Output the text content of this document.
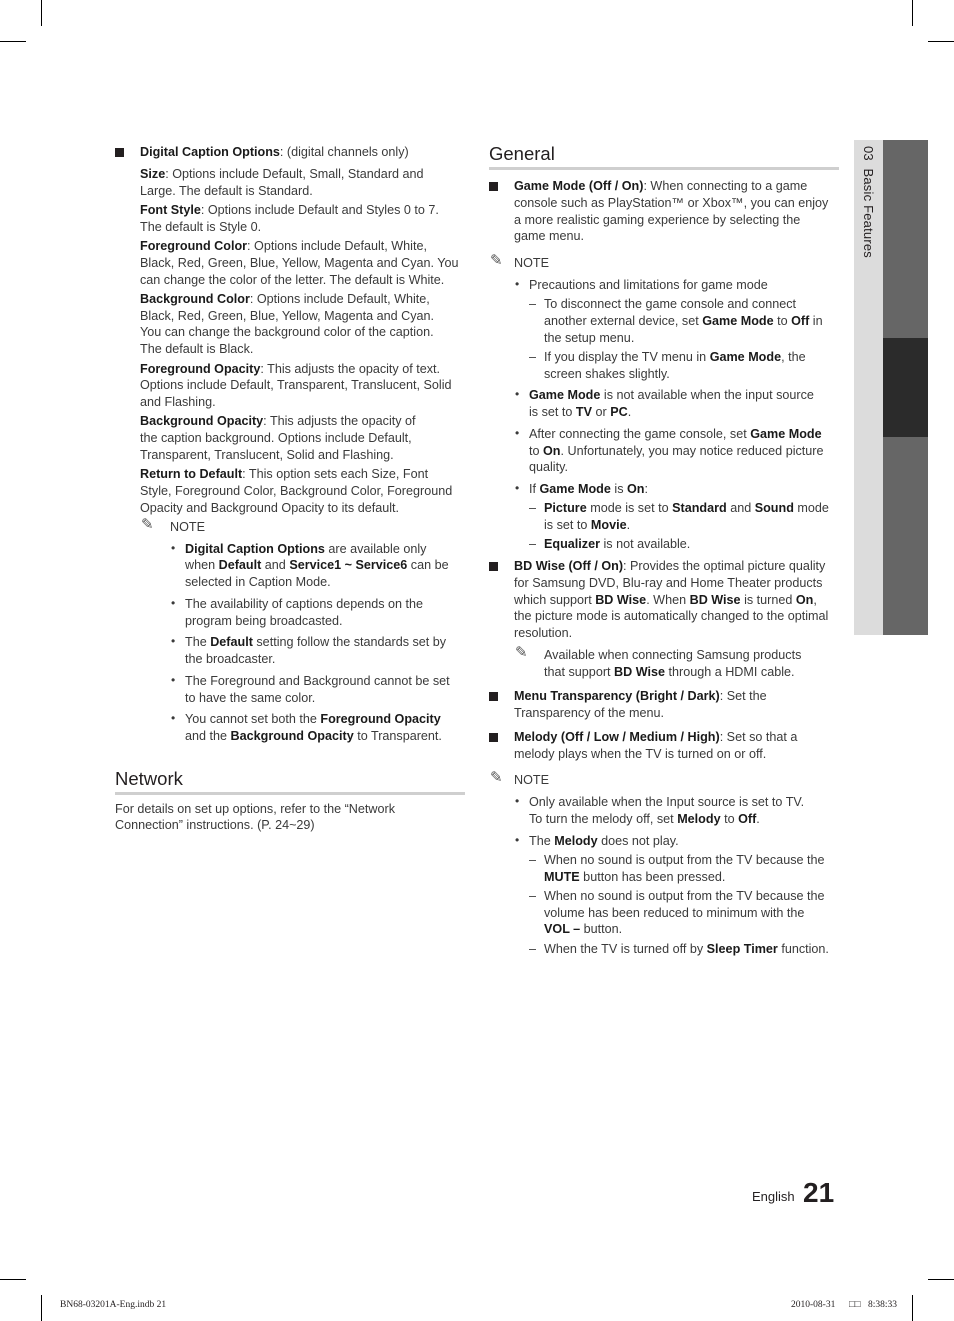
03  Basic Features
Digital Caption Options: (digital channels only)
Size: Options include Default, Small, Standard and
Large. The default is Standard.
Font Style: Options include Default and Styles 0 to 7.
The default is Style 0.
Foreground Color: Options include Default, White,
Black, Red, Green, Blue, Yellow, Magenta and Cyan. You
can change the color of the letter. The default is White.
Background Color: Options include Default, White,
Black, Red, Green, Blue, Yellow, Magenta and Cyan.
You can change the background color of the caption.
The default is Black.
Foreground Opacity: This adjusts the opacity of text.
Options include Default, Transparent, Translucent, Solid
and Flashing.
Background Opacity: This adjusts the opacity of
the caption background. Options include Default,
Transparent, Translucent, Solid and Flashing.
Return to Default: This option sets each Size, Font
Style, Foreground Color, Background Color, Foreground
Opacity and Background Opacity to its default.
✎ NOTE
• Digital Caption Options are available only
when Default and Service1 ~ Service6 can be
selected in Caption Mode.
• The availability of captions depends on the
program being broadcasted.
• The Default setting follow the standards set by
the broadcaster.
• The Foreground and Background cannot be set
to have the same color.
• You cannot set both the Foreground Opacity
and the Background Opacity to Transparent.
Network
For details on set up options, refer to the “Network
Connection” instructions. (P. 24~29)
General
Game Mode (Off / On): When connecting to a game
console such as PlayStation™ or Xbox™, you can enjoy
a more realistic gaming experience by selecting the
game menu.
✎ NOTE
• Precautions and limitations for game mode
– To disconnect the game console and connect
another external device, set Game Mode to Off in
the setup menu.
– If you display the TV menu in Game Mode, the
screen shakes slightly.
• Game Mode is not available when the input source
is set to TV or PC.
• After connecting the game console, set Game Mode
to On. Unfortunately, you may notice reduced picture
quality.
• If Game Mode is On:
– Picture mode is set to Standard and Sound mode
is set to Movie.
– Equalizer is not available.
BD Wise (Off / On): Provides the optimal picture quality
for Samsung DVD, Blu-ray and Home Theater products
which support BD Wise. When BD Wise is turned On,
the picture mode is automatically changed to the optimal
resolution.
✎ Available when connecting Samsung products
that support BD Wise through a HDMI cable.
Menu Transparency (Bright / Dark): Set the
Transparency of the menu.
Melody (Off / Low / Medium / High): Set so that a
melody plays when the TV is turned on or off.
✎ NOTE
• Only available when the Input source is set to TV.
To turn the melody off, set Melody to Off.
• The Melody does not play.
– When no sound is output from the TV because the
MUTE button has been pressed.
– When no sound is output from the TV because the
volume has been reduced to minimum with the
VOL – button.
– When the TV is turned off by Sleep Timer function.
English 21
BN68-03201A-Eng.indb 21	2010-08-31 □□ 8:38:33
